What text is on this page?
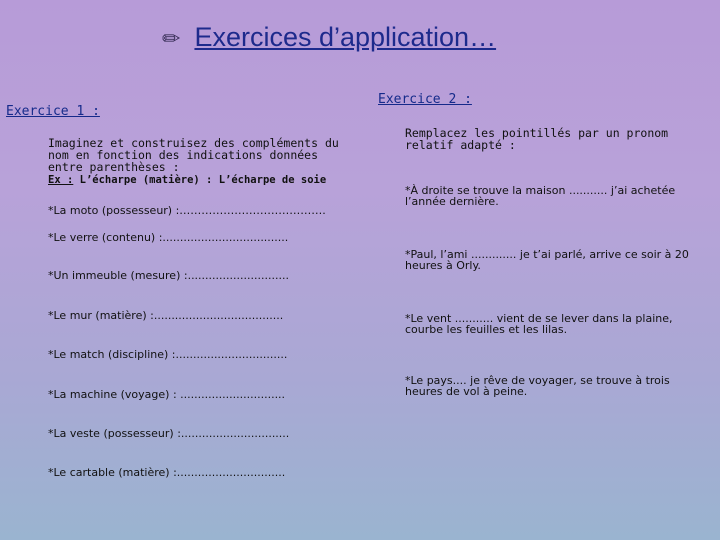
✏ Exercices d’application…
Exercice 1 :
Imaginez et construisez des compléments du nom en fonction des indications données entre parenthèses :
Ex : L’écharpe (matière) : L’écharpe de soie
*La moto (possesseur) :………………………………….
*Le verre (contenu) :....................................
*Un immeuble (mesure) :.............................
*Le mur (matière) :.....................................
*Le match (discipline) :................................
*La machine (voyage) : ..............................
*La veste (possesseur) :...............................
*Le cartable (matière) :...............................
Exercice 2 :
Remplacez les pointillés par un pronom relatif adapté :
*À droite se trouve la maison ........... j’ai achetée l’année dernière.
*Paul, l’ami ............. je t’ai parlé, arrive ce soir à 20 heures à Orly.
*Le vent ........... vient de se lever dans la plaine, courbe les feuilles et les lilas.
*Le pays.... je rêve de voyager, se trouve à trois heures de vol à peine.
